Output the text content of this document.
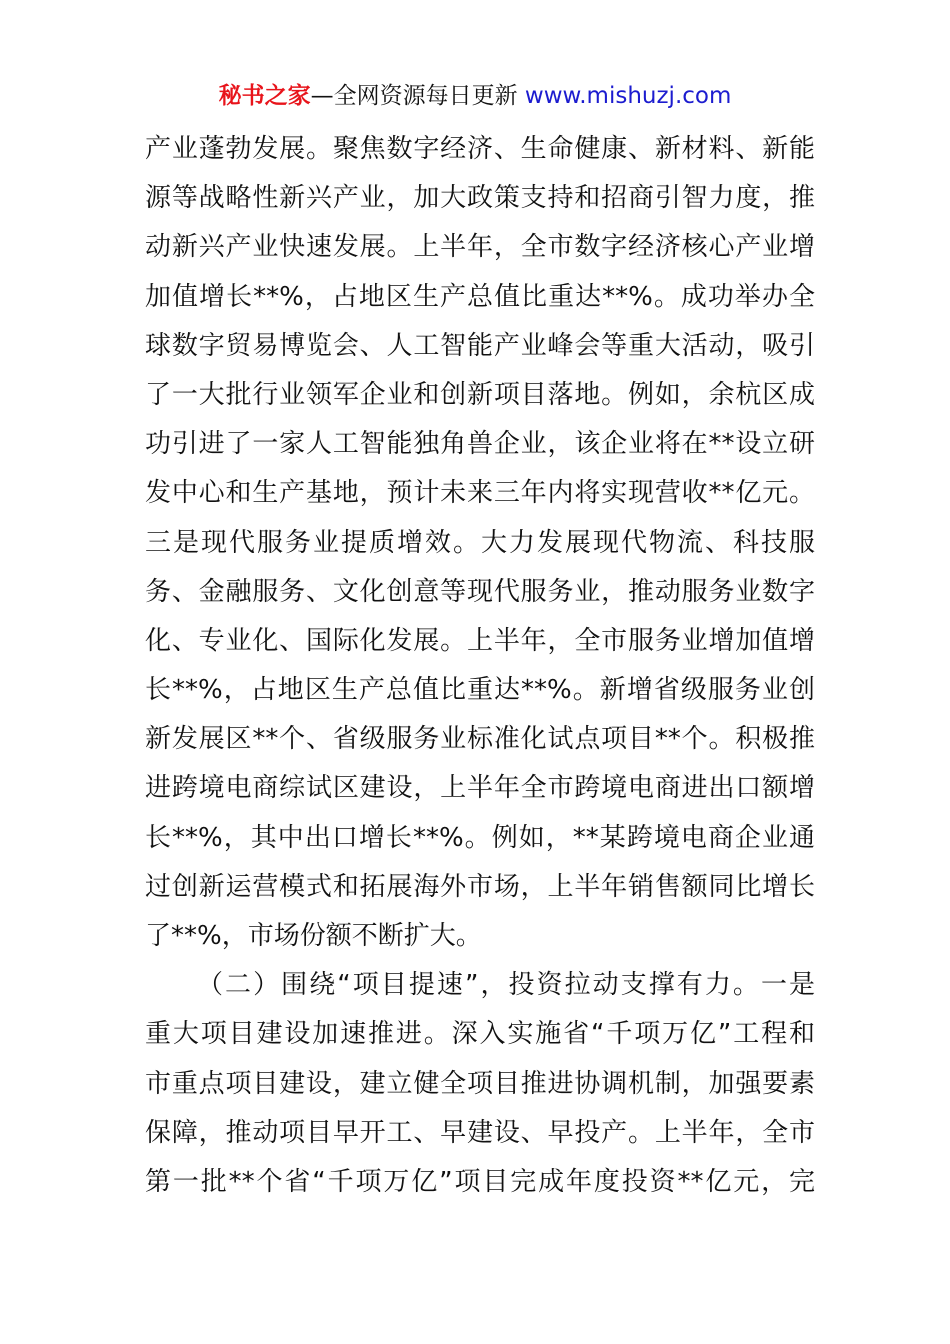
秘书之家—全网资源每日更新 www.mishuzj.com
产业蓬勃发展。聚焦数字经济、生命健康、新材料、新能
源等战略性新兴产业，加大政策支持和招商引智力度，推
动新兴产业快速发展。上半年，全市数字经济核心产业增
加值增长**%，占地区生产总值比重达**%。成功举办全
球数字贸易博览会、人工智能产业峰会等重大活动，吸引
了一大批行业领军企业和创新项目落地。例如，余杭区成
功引进了一家人工智能独角兽企业，该企业将在**设立研
发中心和生产基地，预计未来三年内将实现营收**亿元。
三是现代服务业提质增效。大力发展现代物流、科技服
务、金融服务、文化创意等现代服务业，推动服务业数字
化、专业化、国际化发展。上半年，全市服务业增加值增
长**%，占地区生产总值比重达**%。新增省级服务业创
新发展区**个、省级服务业标准化试点项目**个。积极推
进跨境电商综试区建设，上半年全市跨境电商进出口额增
长**%，其中出口增长**%。例如，**某跨境电商企业通
过创新运营模式和拓展海外市场，上半年销售额同比增长
了**%，市场份额不断扩大。
（二）围绕“项目提速”，投资拉动支撑有力。一是
重大项目建设加速推进。深入实施省“千项万亿”工程和
市重点项目建设，建立健全项目推进协调机制，加强要素
保障，推动项目早开工、早建设、早投产。上半年，全市
第一批**个省“千项万亿”项目完成年度投资**亿元，完
